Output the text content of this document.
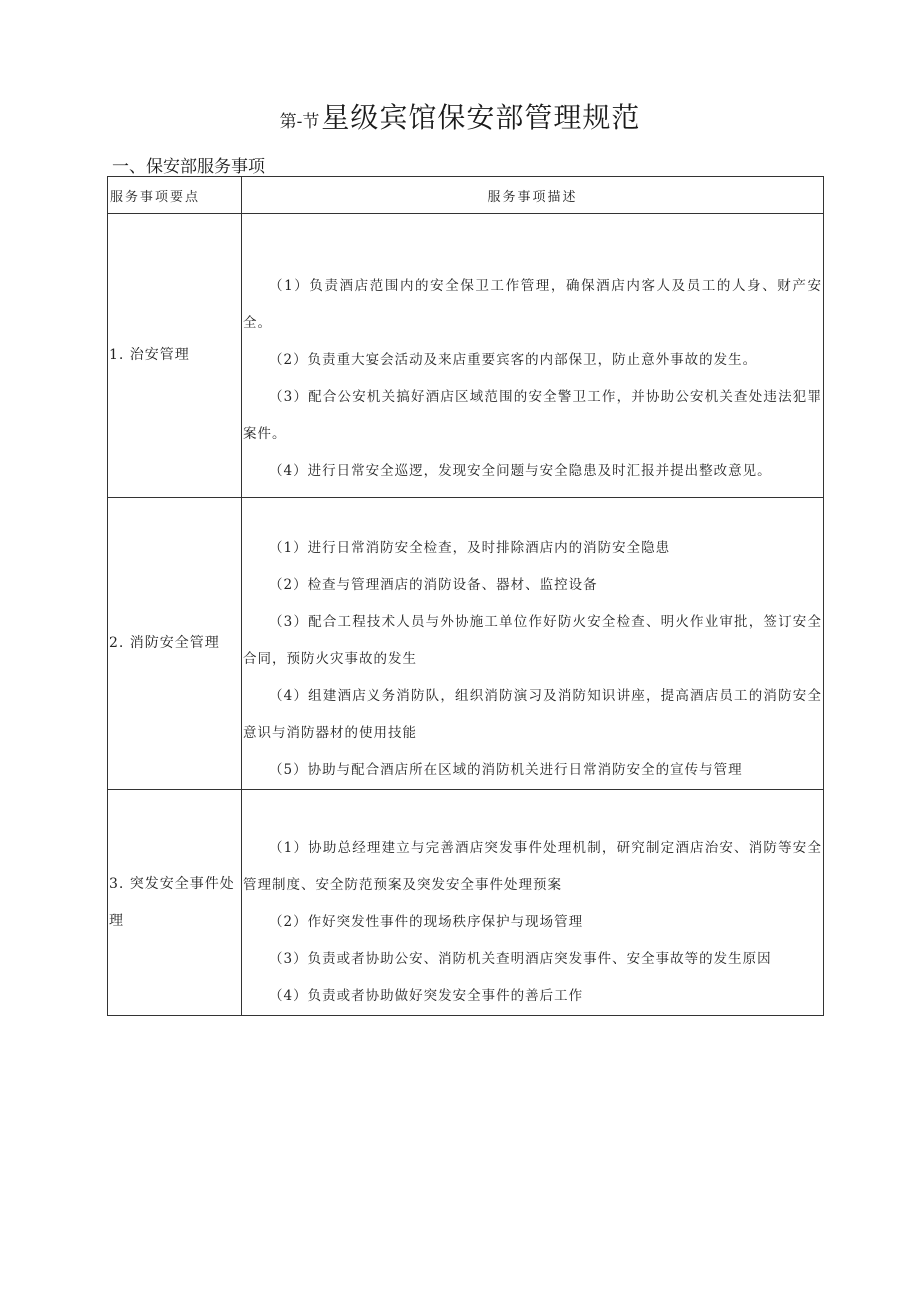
第-节星级宾馆保安部管理规范
一、保安部服务事项
服务事项要点	服务事项描述
1. 治安管理	（1）负责酒店范围内的安全保卫工作管理，确保酒店内客人及员工的人身、财产安全。

（2）负责重大宴会活动及来店重要宾客的内部保卫，防止意外事故的发生。

（3）配合公安机关搞好酒店区域范围的安全警卫工作，并协助公安机关查处违法犯罪案件。

（4）进行日常安全巡逻，发现安全问题与安全隐患及时汇报并提出整改意见。

2. 消防安全管理	（1）进行日常消防安全检查，及时排除酒店内的消防安全隐患

（2）检查与管理酒店的消防设备、器材、监控设备

（3）配合工程技术人员与外协施工单位作好防火安全检查、明火作业审批，签订安全合同，预防火灾事故的发生

（4）组建酒店义务消防队，组织消防演习及消防知识讲座，提高酒店员工的消防安全意识与消防器材的使用技能

（5）协助与配合酒店所在区域的消防机关进行日常消防安全的宣传与管理

3. 突发安全事件处理	（1）协助总经理建立与完善酒店突发事件处理机制，研究制定酒店治安、消防等安全管理制度、安全防范预案及突发安全事件处理预案

（2）作好突发性事件的现场秩序保护与现场管理

（3）负责或者协助公安、消防机关查明酒店突发事件、安全事故等的发生原因

（4）负责或者协助做好突发安全事件的善后工作
